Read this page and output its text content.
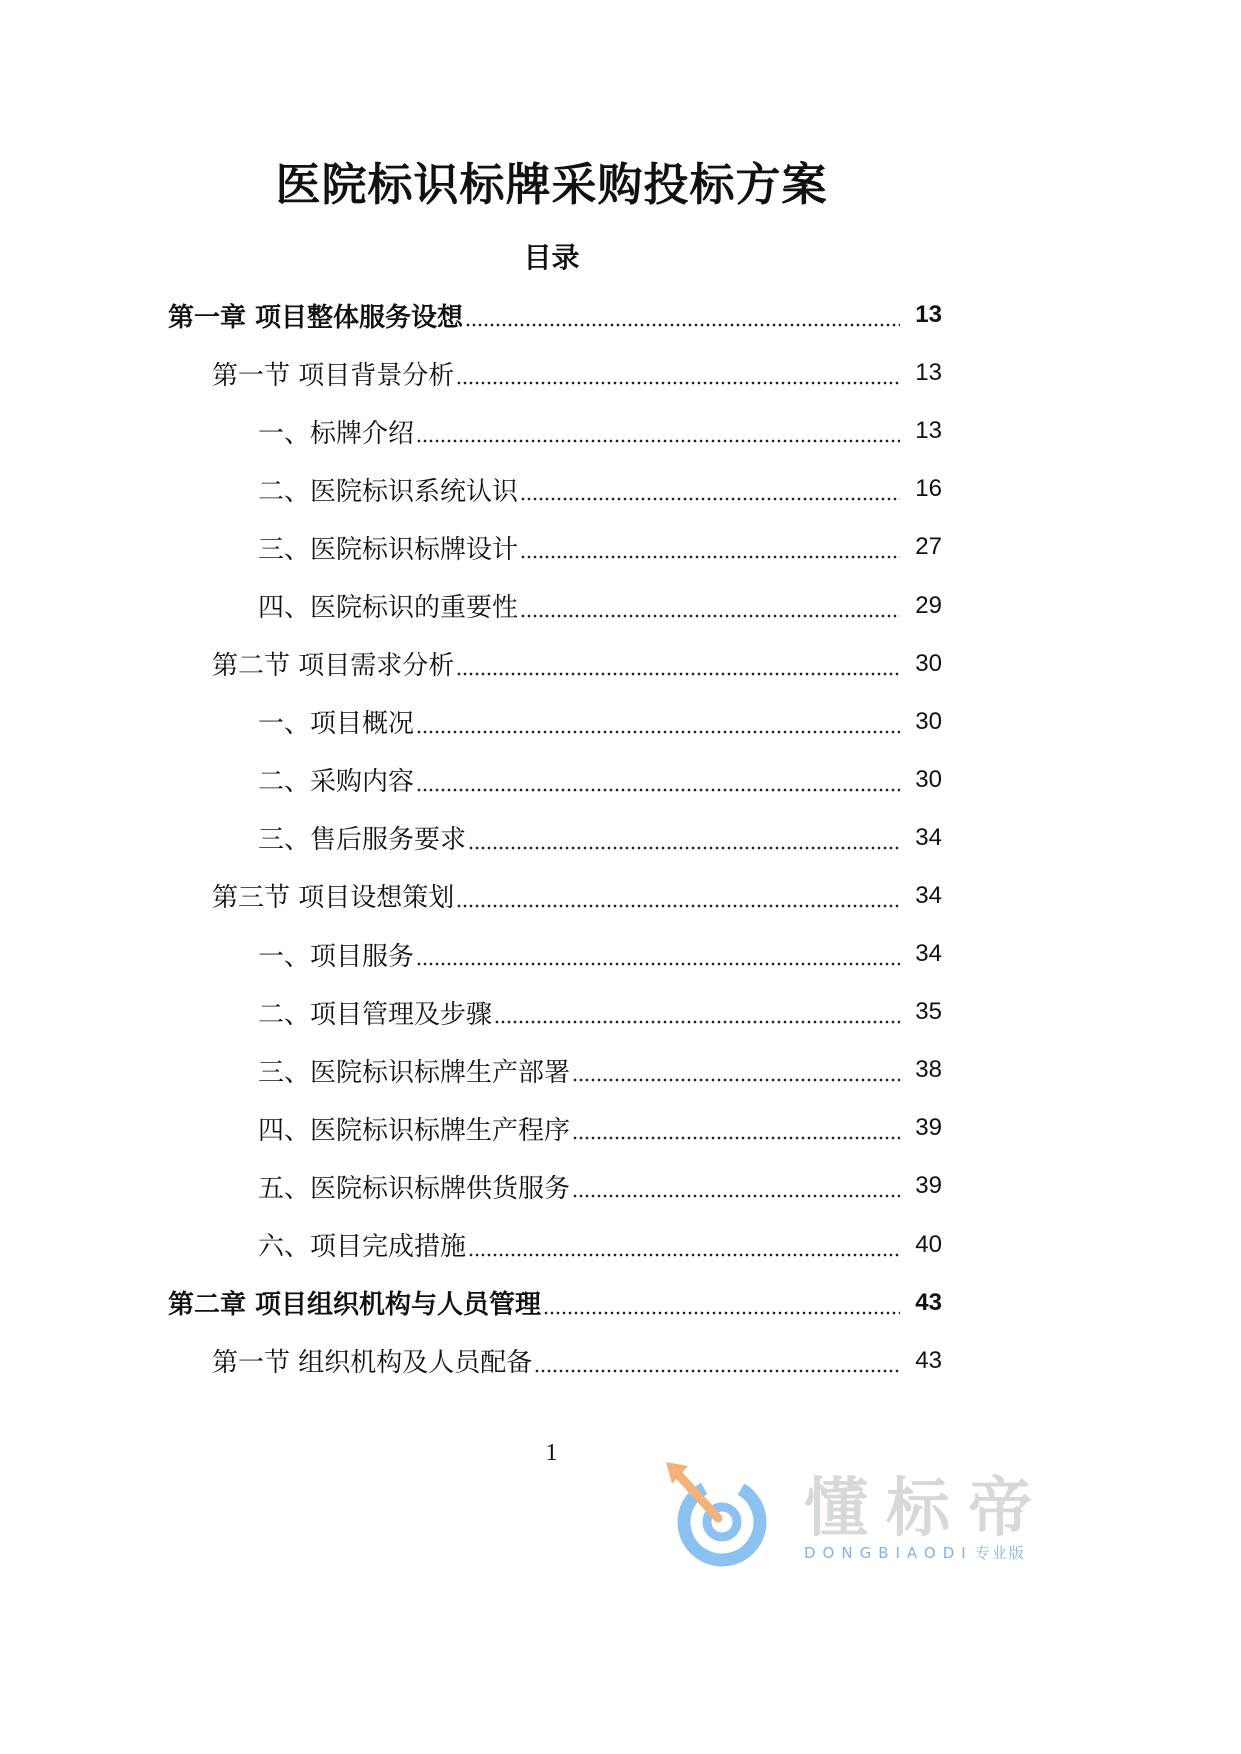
医院标识标牌采购投标方案
目录
第一章 项目整体服务设想	13
第一节 项目背景分析	13
一、标牌介绍	13
二、医院标识系统认识	16
三、医院标识标牌设计	27
四、医院标识的重要性	29
第二节 项目需求分析	30
一、项目概况	30
二、采购内容	30
三、售后服务要求	34
第三节 项目设想策划	34
一、项目服务	34
二、项目管理及步骤	35
三、医院标识标牌生产部署	38
四、医院标识标牌生产程序	39
五、医院标识标牌供货服务	39
六、项目完成措施	40
第二章 项目组织机构与人员管理	43
第一节 组织机构及人员配备	43
1
懂标帝
DONGBIAODI 专业版
